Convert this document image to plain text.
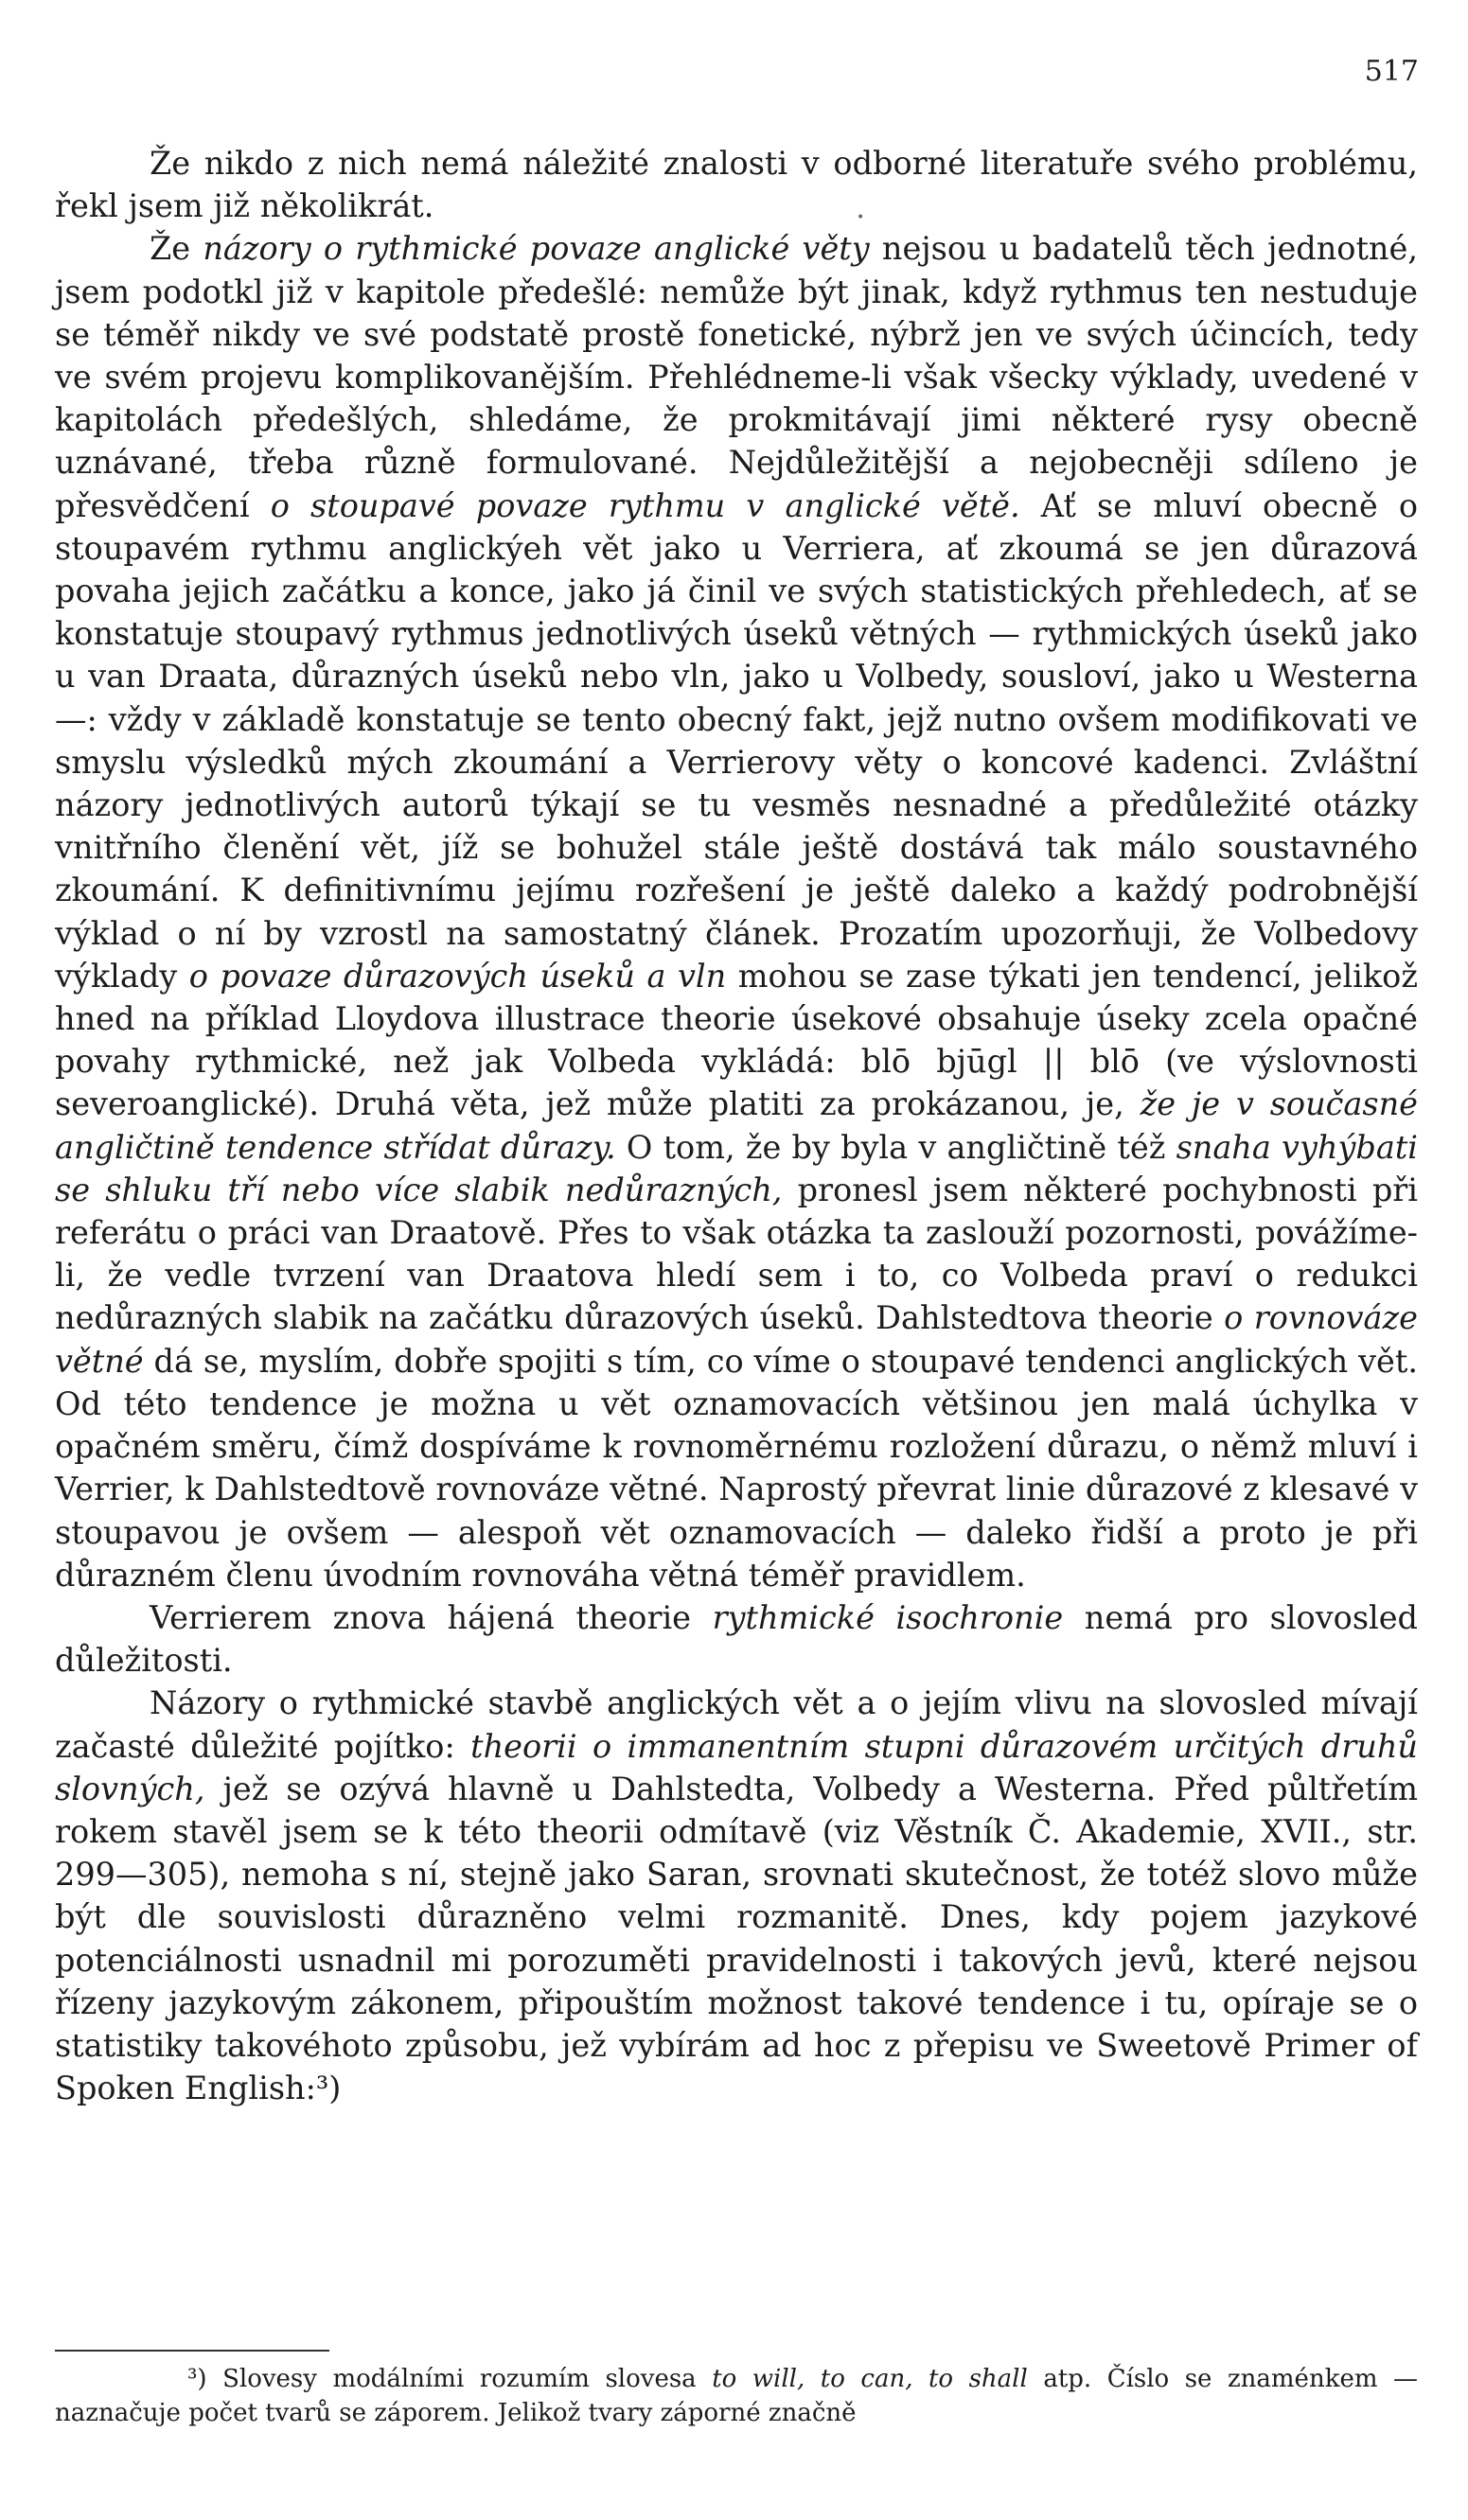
517
•

Že nikdo z nich nemá náležité znalosti v odborné literatuře svého problému, řekl jsem již několikrát.

Že názory o rythmické povaze anglické věty nejsou u badatelů těch jednotné, jsem podotkl již v kapitole předešlé: nemůže být jinak, když rythmus ten nestuduje se téměř nikdy ve své podstatě prostě fonetické, nýbrž jen ve svých účincích, tedy ve svém projevu komplikovanějším. Přehlédneme-li však všecky výklady, uvedené v kapitolách předešlých, shledáme, že prokmitávají jimi některé rysy obecně uznávané, třeba různě formulované. Nejdůležitější a nejobecněji sdíleno je přesvědčení o stoupavé povaze rythmu v anglické větě. Ať se mluví obecně o stoupavém rythmu anglickýeh vět jako u Verriera, ať zkoumá se jen důrazová povaha jejich začátku a konce, jako já činil ve svých statistických přehledech, ať se konstatuje stoupavý rythmus jednotlivých úseků větných — rythmických úseků jako u van Draata, důrazných úseků nebo vln, jako u Volbedy, sousloví, jako u Westerna —: vždy v základě konstatuje se tento obecný fakt, jejž nutno ovšem modifikovati ve smyslu výsledků mých zkoumání a Verrierovy věty o koncové kadenci. Zvláštní názory jednotlivých autorů týkají se tu vesměs nesnadné a předůležité otázky vnitřního členění vět, jíž se bohužel stále ještě dostává tak málo soustavného zkoumání. K definitivnímu jejímu rozřešení je ještě daleko a každý podrobnější výklad o ní by vzrostl na samostatný článek. Prozatím upozorňuji, že Volbedovy výklady o povaze důrazových úseků a vln mohou se zase týkati jen tendencí, jelikož hned na příklad Lloydova illustrace theorie úsekové obsahuje úseky zcela opačné povahy rythmické, než jak Volbeda vykládá: blō bjūgl || blō (ve výslovnosti severoanglické). Druhá věta, jež může platiti za prokázanou, je, že je v současné angličtině tendence střídat důrazy. O tom, že by byla v angličtině též snaha vyhýbati se shluku tří nebo více slabik nedůrazných, pronesl jsem některé pochybnosti při referátu o práci van Draatově. Přes to však otázka ta zaslouží pozornosti, povážíme-li, že vedle tvrzení van Draatova hledí sem i to, co Volbeda praví o redukci nedůrazných slabik na začátku důrazových úseků. Dahlstedtova theorie o rovnováze větné dá se, myslím, dobře spojiti s tím, co víme o stoupavé tendenci anglických vět. Od této tendence je možna u vět oznamovacích většinou jen malá úchylka v opačném směru, čímž dospíváme k rovnoměrnému rozložení důrazu, o němž mluví i Verrier, k Dahlstedtově rovnováze větné. Naprostý převrat linie důrazové z klesavé v stoupavou je ovšem — alespoň vět oznamovacích — daleko řidší a proto je při důrazném členu úvodním rovnováha větná téměř pravidlem.

Verrierem znova hájená theorie rythmické isochronie nemá pro slovosled důležitosti.

Názory o rythmické stavbě anglických vět a o jejím vlivu na slovosled mívají začasté důležité pojítko: theorii o immanentním stupni důrazovém určitých druhů slovných, jež se ozývá hlavně u Dahlstedta, Volbedy a Westerna. Před půltřetím rokem stavěl jsem se k této theorii odmítavě (viz Věstník Č. Akademie, XVII., str. 299—305), nemoha s ní, stejně jako Saran, srovnati skutečnost, že totéž slovo může být dle souvislosti důrazněno velmi rozmanitě. Dnes, kdy pojem jazykové potenciálnosti usnadnil mi porozuměti pravidelnosti i takových jevů, které nejsou řízeny jazykovým zákonem, připouštím možnost takové tendence i tu, opíraje se o statistiky takovéhoto způsobu, jež vybírám ad hoc z přepisu ve Sweetově Primer of Spoken English:³)

³) Slovesy modálními rozumím slovesa to will, to can, to shall atp. Číslo se znaménkem — naznačuje počet tvarů se záporem. Jelikož tvary záporné značně
